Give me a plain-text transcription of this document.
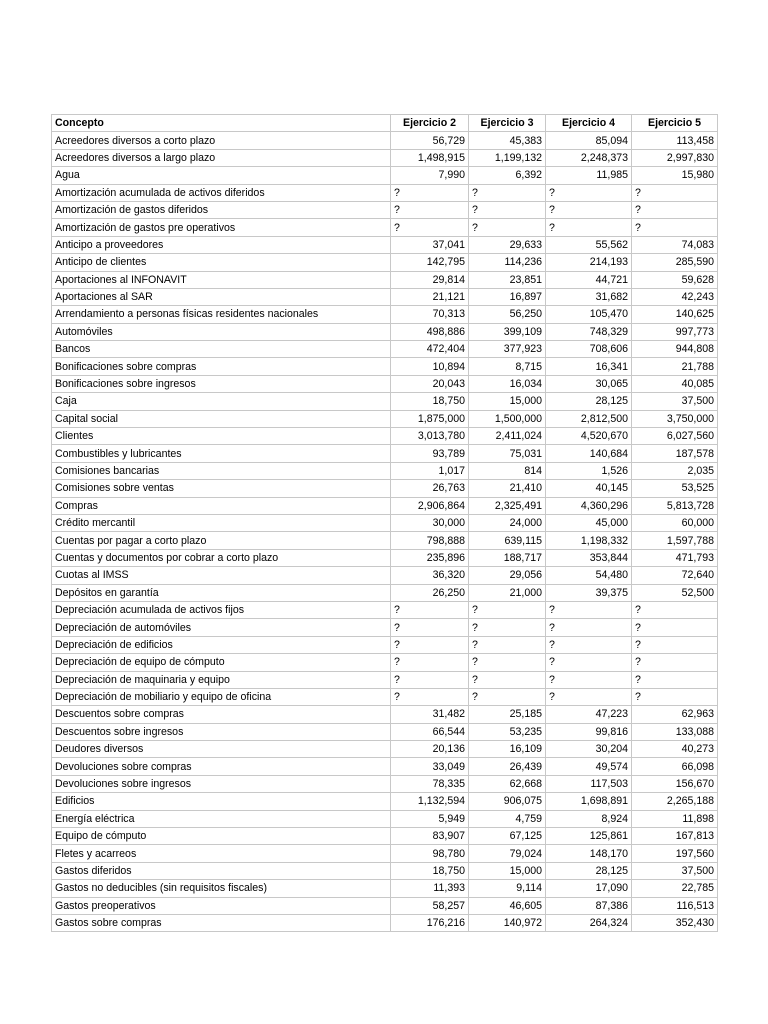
Concepto	Ejercicio 2	Ejercicio 3	Ejercicio 4	Ejercicio 5
Acreedores diversos a corto plazo	56,729	45,383	85,094	113,458
Acreedores diversos a largo plazo	1,498,915	1,199,132	2,248,373	2,997,830
Agua	7,990	6,392	11,985	15,980
Amortización acumulada de activos diferidos	?	?	?	?
Amortización de gastos diferidos	?	?	?	?
Amortización de gastos pre operativos	?	?	?	?
Anticipo a proveedores	37,041	29,633	55,562	74,083
Anticipo de clientes	142,795	114,236	214,193	285,590
Aportaciones al INFONAVIT	29,814	23,851	44,721	59,628
Aportaciones al SAR	21,121	16,897	31,682	42,243
Arrendamiento a personas físicas residentes nacionales	70,313	56,250	105,470	140,625
Automóviles	498,886	399,109	748,329	997,773
Bancos	472,404	377,923	708,606	944,808
Bonificaciones sobre compras	10,894	8,715	16,341	21,788
Bonificaciones sobre ingresos	20,043	16,034	30,065	40,085
Caja	18,750	15,000	28,125	37,500
Capital social	1,875,000	1,500,000	2,812,500	3,750,000
Clientes	3,013,780	2,411,024	4,520,670	6,027,560
Combustibles y lubricantes	93,789	75,031	140,684	187,578
Comisiones bancarias	1,017	814	1,526	2,035
Comisiones sobre ventas	26,763	21,410	40,145	53,525
Compras	2,906,864	2,325,491	4,360,296	5,813,728
Crédito mercantil	30,000	24,000	45,000	60,000
Cuentas por pagar a corto plazo	798,888	639,115	1,198,332	1,597,788
Cuentas y documentos por cobrar a corto plazo	235,896	188,717	353,844	471,793
Cuotas al IMSS	36,320	29,056	54,480	72,640
Depósitos en garantía	26,250	21,000	39,375	52,500
Depreciación acumulada de activos fijos	?	?	?	?
Depreciación de automóviles	?	?	?	?
Depreciación de edificios	?	?	?	?
Depreciación de equipo de cómputo	?	?	?	?
Depreciación de maquinaria y equipo	?	?	?	?
Depreciación de mobiliario y equipo de oficina	?	?	?	?
Descuentos sobre compras	31,482	25,185	47,223	62,963
Descuentos sobre ingresos	66,544	53,235	99,816	133,088
Deudores diversos	20,136	16,109	30,204	40,273
Devoluciones sobre compras	33,049	26,439	49,574	66,098
Devoluciones sobre ingresos	78,335	62,668	117,503	156,670
Edificios	1,132,594	906,075	1,698,891	2,265,188
Energía eléctrica	5,949	4,759	8,924	11,898
Equipo de cómputo	83,907	67,125	125,861	167,813
Fletes y acarreos	98,780	79,024	148,170	197,560
Gastos diferidos	18,750	15,000	28,125	37,500
Gastos no deducibles (sin requisitos fiscales)	11,393	9,114	17,090	22,785
Gastos preoperativos	58,257	46,605	87,386	116,513
Gastos sobre compras	176,216	140,972	264,324	352,430
